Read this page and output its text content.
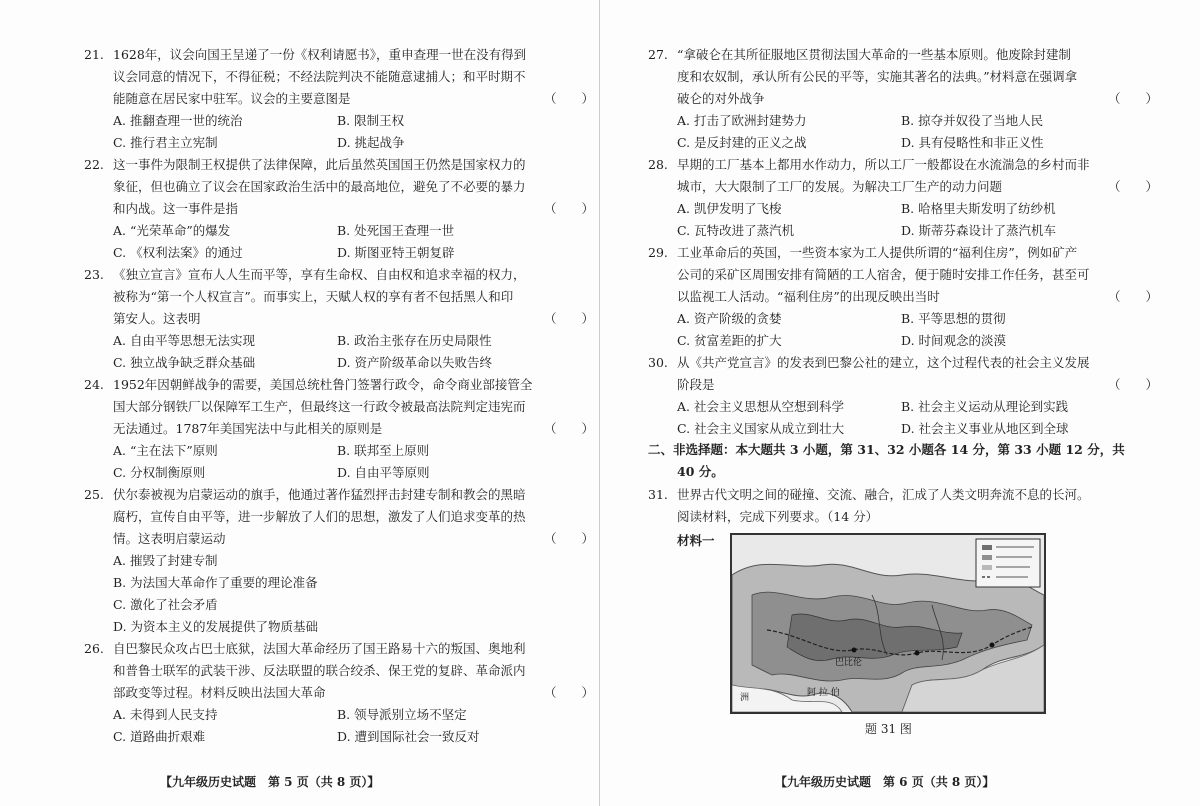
21. 1628年，议会向国王呈递了一份《权利请愿书》，重申查理一世在没有得到
议会同意的情况下，不得征税；不经法院判决不能随意逮捕人；和平时期不
能随意在居民家中驻军。议会的主要意图是	（　　）
A. 推翻查理一世的统治	B. 限制王权
C. 推行君主立宪制	D. 挑起战争
22. 这一事件为限制王权提供了法律保障，此后虽然英国国王仍然是国家权力的
象征，但也确立了议会在国家政治生活中的最高地位，避免了不必要的暴力
和内战。这一事件是指	（　　）
A. “光荣革命”的爆发	B. 处死国王查理一世
C. 《权利法案》的通过	D. 斯图亚特王朝复辟
23. 《独立宣言》宣布人人生而平等，享有生命权、自由权和追求幸福的权力，
被称为“第一个人权宣言”。而事实上，天赋人权的享有者不包括黑人和印
第安人。这表明	（　　）
A. 自由平等思想无法实现	B. 政治主张存在历史局限性
C. 独立战争缺乏群众基础	D. 资产阶级革命以失败告终
24. 1952年因朝鲜战争的需要，美国总统杜鲁门签署行政令，命令商业部接管全
国大部分钢铁厂以保障军工生产，但最终这一行政令被最高法院判定违宪而
无法通过。1787年美国宪法中与此相关的原则是	（　　）
A. “主在法下”原则	B. 联邦至上原则
C. 分权制衡原则	D. 自由平等原则
25. 伏尔泰被视为启蒙运动的旗手，他通过著作猛烈抨击封建专制和教会的黑暗
腐朽，宣传自由平等，进一步解放了人们的思想，激发了人们追求变革的热
情。这表明启蒙运动	（　　）
A. 摧毁了封建专制
B. 为法国大革命作了重要的理论准备
C. 激化了社会矛盾
D. 为资本主义的发展提供了物质基础
26. 自巴黎民众攻占巴士底狱，法国大革命经历了国王路易十六的叛国、奥地利
和普鲁士联军的武装干涉、反法联盟的联合绞杀、保王党的复辟、革命派内
部政变等过程。材料反映出法国大革命	（　　）
A. 未得到人民支持	B. 领导派别立场不坚定
C. 道路曲折艰难	D. 遭到国际社会一致反对
【九年级历史试题　第 5 页（共 8 页）】
27. “拿破仑在其所征服地区贯彻法国大革命的一些基本原则。他废除封建制
度和农奴制，承认所有公民的平等，实施其著名的法典。”材料意在强调拿
破仑的对外战争	（　　）
A. 打击了欧洲封建势力	B. 掠夺并奴役了当地人民
C. 是反封建的正义之战	D. 具有侵略性和非正义性
28. 早期的工厂基本上都用水作动力，所以工厂一般都设在水流湍急的乡村而非
城市，大大限制了工厂的发展。为解决工厂生产的动力问题	（　　）
A. 凯伊发明了飞梭	B. 哈格里夫斯发明了纺纱机
C. 瓦特改进了蒸汽机	D. 斯蒂芬森设计了蒸汽机车
29. 工业革命后的英国，一些资本家为工人提供所谓的“福利住房”，例如矿产
公司的采矿区周围安排有简陋的工人宿舍，便于随时安排工作任务，甚至可
以监视工人活动。“福利住房”的出现反映出当时	（　　）
A. 资产阶级的贪婪	B. 平等思想的贯彻
C. 贫富差距的扩大	D. 时间观念的淡漠
30. 从《共产党宣言》的发表到巴黎公社的建立，这个过程代表的社会主义发展
阶段是	（　　）
A. 社会主义思想从空想到科学	B. 社会主义运动从理论到实践
C. 社会主义国家从成立到壮大	D. 社会主义事业从地区到全球
二、非选择题：本大题共 3 小题，第 31、32 小题各 14 分，第 33 小题 12 分，共
40 分。
31. 世界古代文明之间的碰撞、交流、融合，汇成了人类文明奔流不息的长河。
阅读材料，完成下列要求。（14 分）
材料一
巴比伦
阿 拉 伯
洲
题 31 图
【九年级历史试题　第 6 页（共 8 页）】
